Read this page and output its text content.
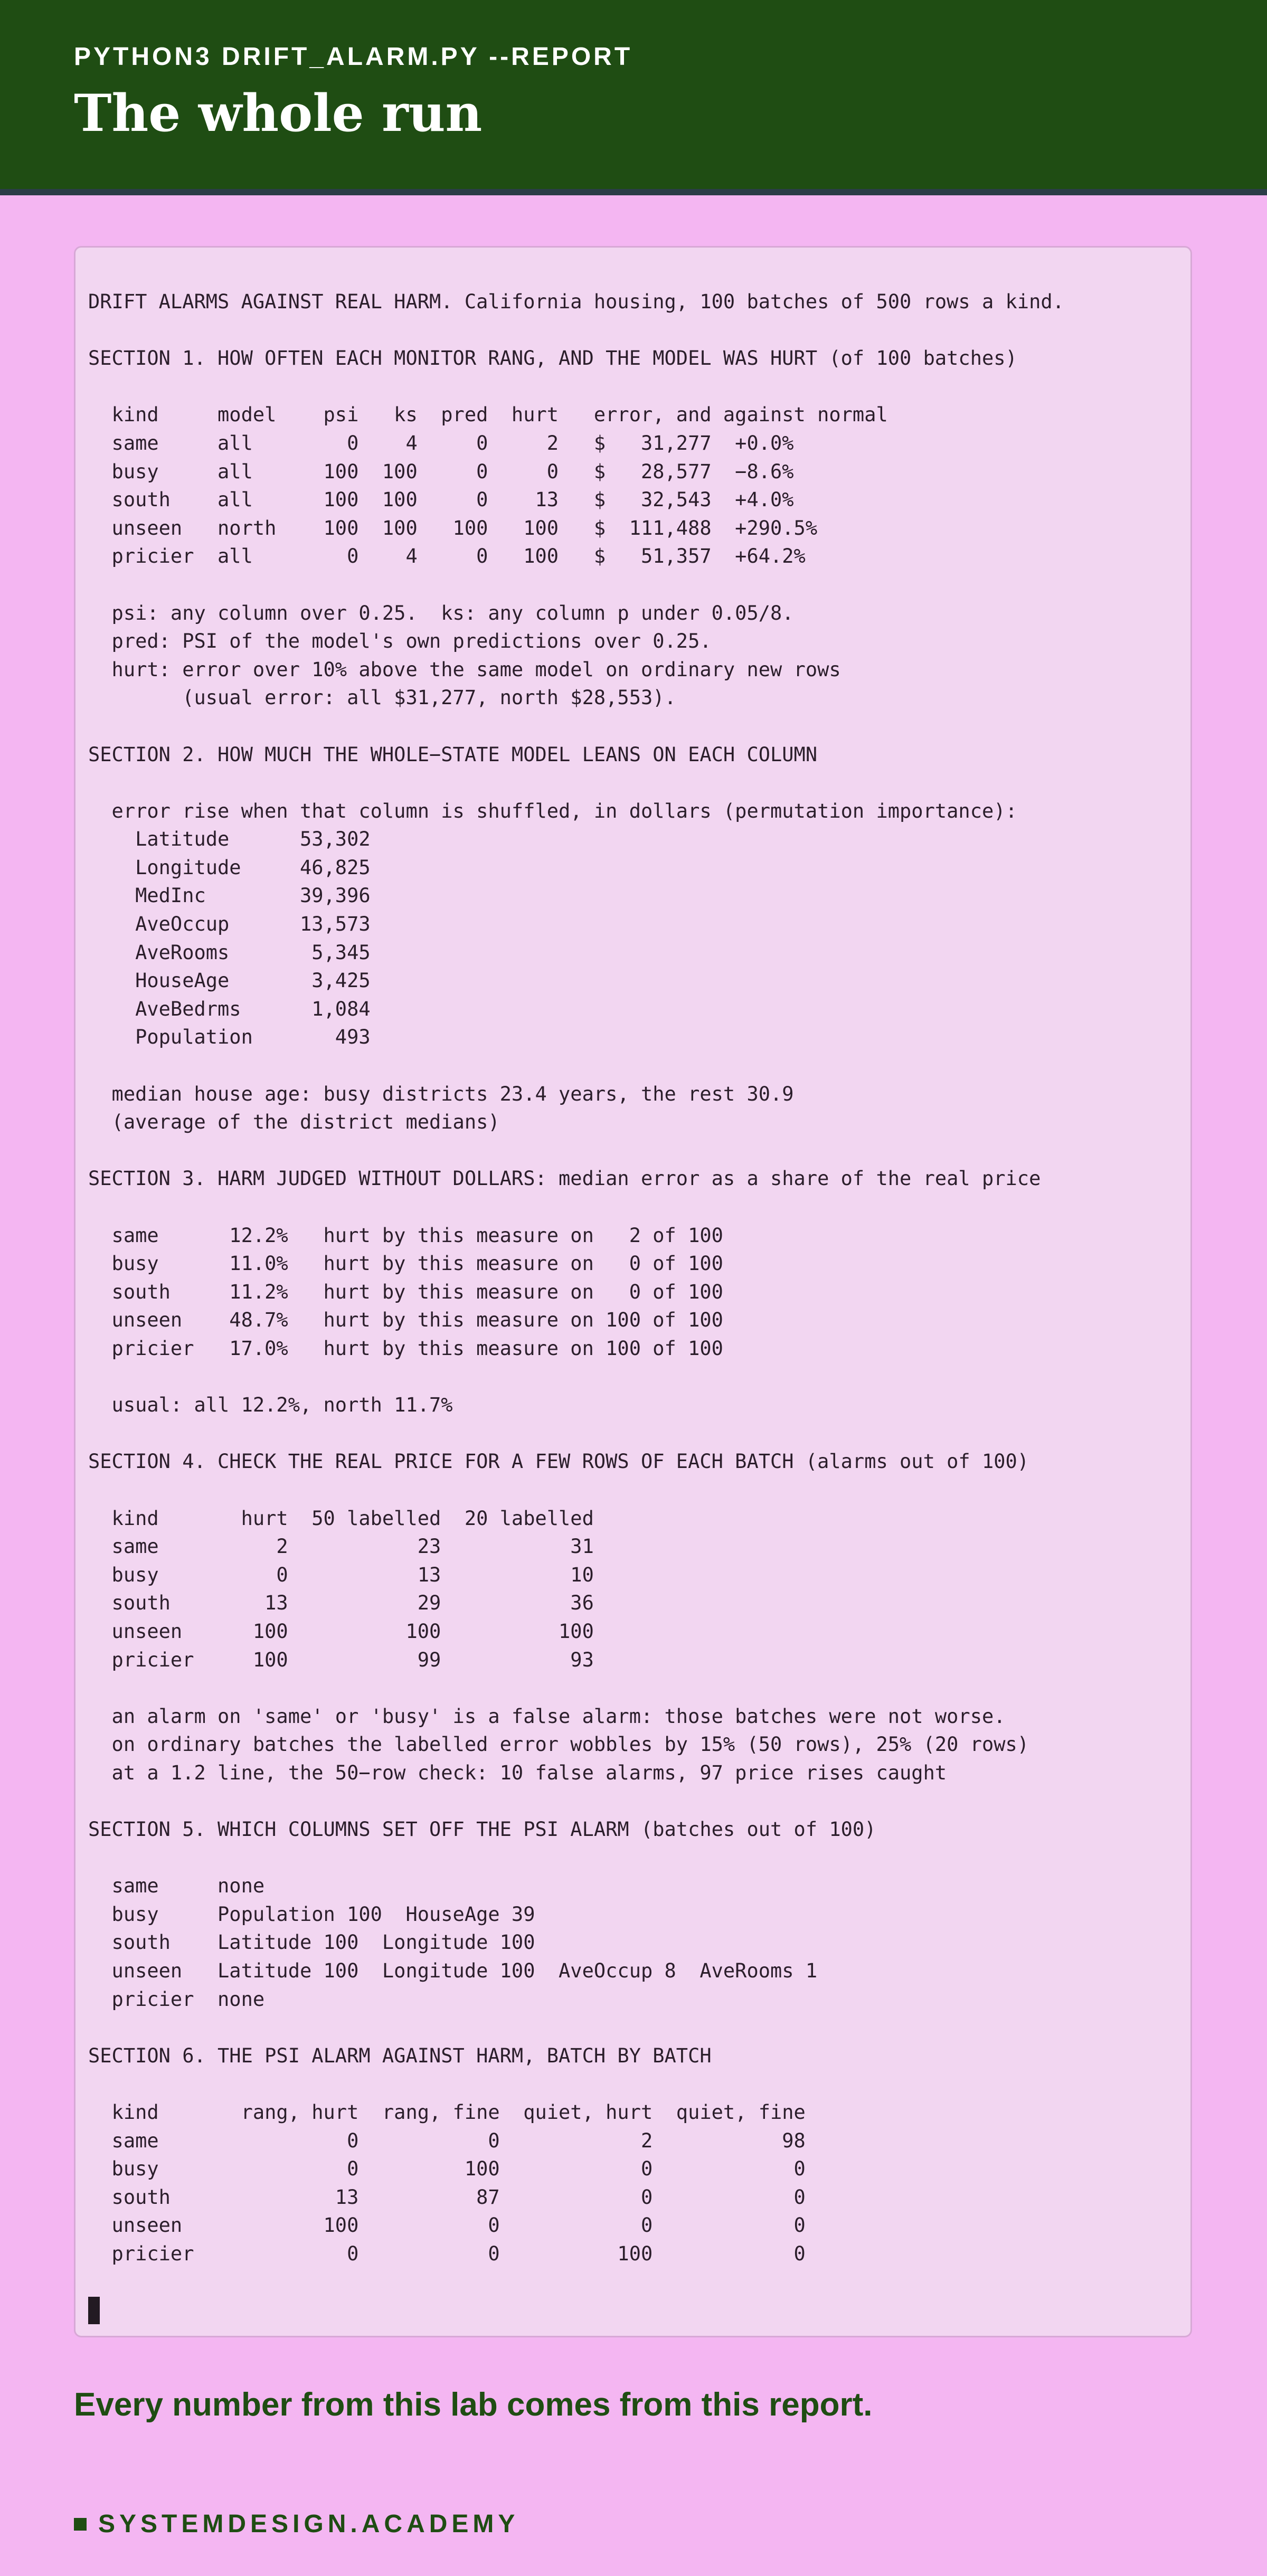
PYTHON3 DRIFT_ALARM.PY --REPORT

The whole run
DRIFT ALARMS AGAINST REAL HARM. California housing, 100 batches of 500 rows a kind.

SECTION 1. HOW OFTEN EACH MONITOR RANG, AND THE MODEL WAS HURT (of 100 batches)

kind     model    psi   ks  pred  hurt   error, and against normal
same     all        0    4     0     2   $   31,277  +0.0%
busy     all      100  100     0     0   $   28,577  −8.6%
south    all      100  100     0    13   $   32,543  +4.0%
unseen   north    100  100   100   100   $  111,488  +290.5%
pricier  all        0    4     0   100   $   51,357  +64.2%

psi: any column over 0.25.  ks: any column p under 0.05/8.
pred: PSI of the model's own predictions over 0.25.
hurt: error over 10% above the same model on ordinary new rows
(usual error: all $31,277, north $28,553).

SECTION 2. HOW MUCH THE WHOLE−STATE MODEL LEANS ON EACH COLUMN

error rise when that column is shuffled, in dollars (permutation importance):
Latitude      53,302
Longitude     46,825
MedInc        39,396
AveOccup      13,573
AveRooms       5,345
HouseAge       3,425
AveBedrms      1,084
Population       493

median house age: busy districts 23.4 years, the rest 30.9
(average of the district medians)

SECTION 3. HARM JUDGED WITHOUT DOLLARS: median error as a share of the real price

same      12.2%   hurt by this measure on   2 of 100
busy      11.0%   hurt by this measure on   0 of 100
south     11.2%   hurt by this measure on   0 of 100
unseen    48.7%   hurt by this measure on 100 of 100
pricier   17.0%   hurt by this measure on 100 of 100

usual: all 12.2%, north 11.7%

SECTION 4. CHECK THE REAL PRICE FOR A FEW ROWS OF EACH BATCH (alarms out of 100)

kind       hurt  50 labelled  20 labelled
same          2           23           31
busy          0           13           10
south        13           29           36
unseen      100          100          100
pricier     100           99           93

an alarm on 'same' or 'busy' is a false alarm: those batches were not worse.
on ordinary batches the labelled error wobbles by 15% (50 rows), 25% (20 rows)
at a 1.2 line, the 50−row check: 10 false alarms, 97 price rises caught

SECTION 5. WHICH COLUMNS SET OFF THE PSI ALARM (batches out of 100)

same     none
busy     Population 100  HouseAge 39
south    Latitude 100  Longitude 100
unseen   Latitude 100  Longitude 100  AveOccup 8  AveRooms 1
pricier  none

SECTION 6. THE PSI ALARM AGAINST HARM, BATCH BY BATCH

kind       rang, hurt  rang, fine  quiet, hurt  quiet, fine
same                0           0            2           98
busy                0         100            0            0
south              13          87            0            0
unseen            100           0            0            0
pricier             0           0          100            0

Every number from this lab comes from this report.

SYSTEMDESIGN.ACADEMY
